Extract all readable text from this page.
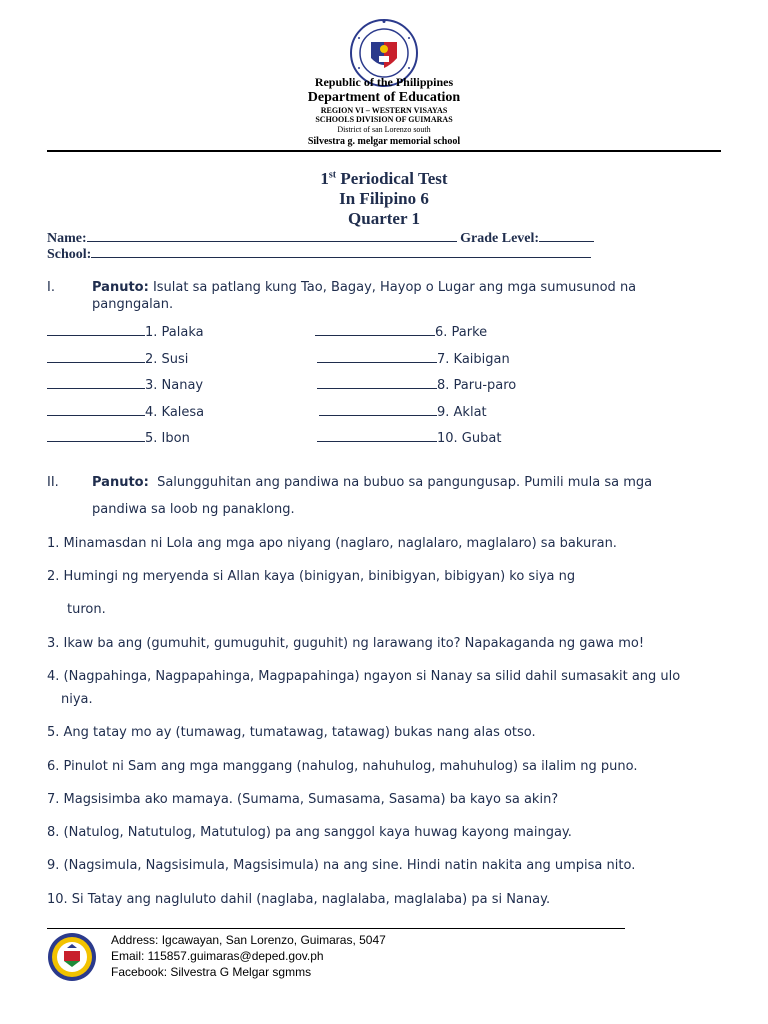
Republic of the Philippines
Department of Education
REGION VI – WESTERN VISAYAS
SCHOOLS DIVISION OF GUIMARAS
District of san Lorenzo south
Silvestra g. melgar memorial school
1st Periodical Test
In Filipino 6
Quarter 1
Name:	Grade Level:
School:
I.	Panuto: Isulat sa patlang kung Tao, Bagay, Hayop o Lugar ang mga sumusunod na
pangngalan.
1. Palaka
2. Susi
3. Nanay
4. Kalesa
5. Ibon
6. Parke
7. Kaibigan
8. Paru-paro
9. Aklat
10. Gubat
II.	Panuto: Salungguhitan ang pandiwa na bubuo sa pangungusap. Pumili mula sa mga
pandiwa sa loob ng panaklong.
1. Minamasdan ni Lola ang mga apo niyang (naglaro, naglalaro, maglalaro) sa bakuran.
2. Humingi ng meryenda si Allan kaya (binigyan, binibigyan, bibigyan) ko siya ng
turon.
3. Ikaw ba ang (gumuhit, gumuguhit, guguhit) ng larawang ito? Napakaganda ng gawa mo!
4. (Nagpahinga, Nagpapahinga, Magpapahinga) ngayon si Nanay sa silid dahil sumasakit ang ulo
niya.
5. Ang tatay mo ay (tumawag, tumatawag, tatawag) bukas nang alas otso.
6. Pinulot ni Sam ang mga manggang (nahulog, nahuhulog, mahuhulog) sa ilalim ng puno.
7. Magsisimba ako mamaya. (Sumama, Sumasama, Sasama) ba kayo sa akin?
8. (Natulog, Natutulog, Matutulog) pa ang sanggol kaya huwag kayong maingay.
9. (Nagsimula, Nagsisimula, Magsisimula) na ang sine. Hindi natin nakita ang umpisa nito.
10. Si Tatay ang nagluluto dahil (naglaba, naglalaba, maglalaba) pa si Nanay.
Address: Igcawayan, San Lorenzo, Guimaras, 5047
Email: 115857.guimaras@deped.gov.ph
Facebook: Silvestra G Melgar sgmms
